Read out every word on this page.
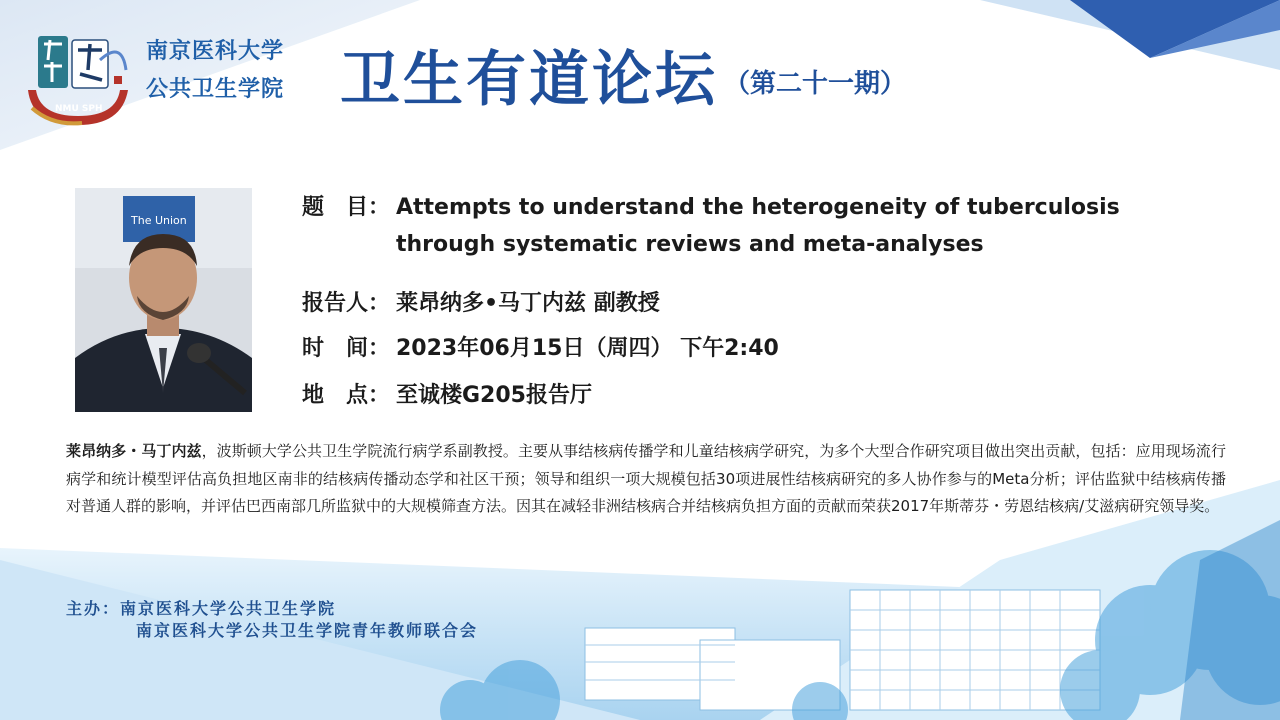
NMU SPH
南京医科大学
公共卫生学院 卫生有道论坛 （第二十一期）
The Union
题　目： Attempts to understand the heterogeneity of tuberculosis
through systematic reviews and meta-analyses
报告人： 莱昂纳多•马丁内兹 副教授
时　间： 2023年06月15日（周四） 下午2:40
地　点： 至诚楼G205报告厅
莱昂纳多・马丁内兹，波斯顿大学公共卫生学院流行病学系副教授。主要从事结核病传播学和儿童结核病学研究，为多个大型合作研究项目做出突出贡献，包括：应用现场流行病学和统计模型评估高负担地区南非的结核病传播动态学和社区干预；领导和组织一项大规模包括30项进展性结核病研究的多人协作参与的Meta分析；评估监狱中结核病传播对普通人群的影响，并评估巴西南部几所监狱中的大规模筛查方法。因其在减轻非洲结核病合并结核病负担方面的贡献而荣获2017年斯蒂芬・劳恩结核病/艾滋病研究领导奖。
主办：南京医科大学公共卫生学院
南京医科大学公共卫生学院青年教师联合会
